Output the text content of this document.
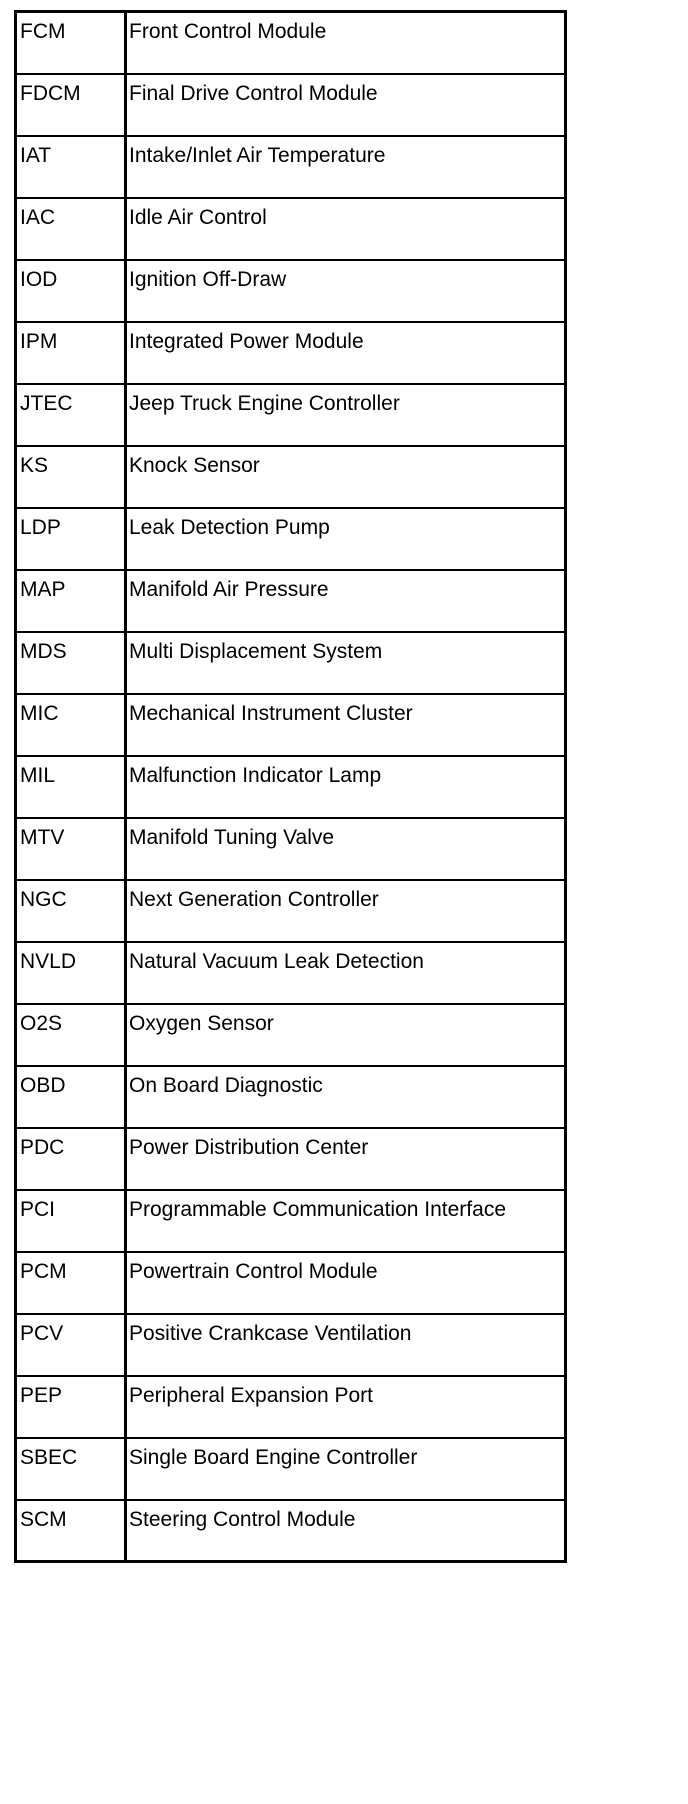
FCM	Front Control Module
FDCM	Final Drive Control Module
IAT	Intake/Inlet Air Temperature
IAC	Idle Air Control
IOD	Ignition Off-Draw
IPM	Integrated Power Module
JTEC	Jeep Truck Engine Controller
KS	Knock Sensor
LDP	Leak Detection Pump
MAP	Manifold Air Pressure
MDS	Multi Displacement System
MIC	Mechanical Instrument Cluster
MIL	Malfunction Indicator Lamp
MTV	Manifold Tuning Valve
NGC	Next Generation Controller
NVLD	Natural Vacuum Leak Detection
O2S	Oxygen Sensor
OBD	On Board Diagnostic
PDC	Power Distribution Center
PCI	Programmable Communication Interface
PCM	Powertrain Control Module
PCV	Positive Crankcase Ventilation
PEP	Peripheral Expansion Port
SBEC	Single Board Engine Controller
SCM	Steering Control Module
